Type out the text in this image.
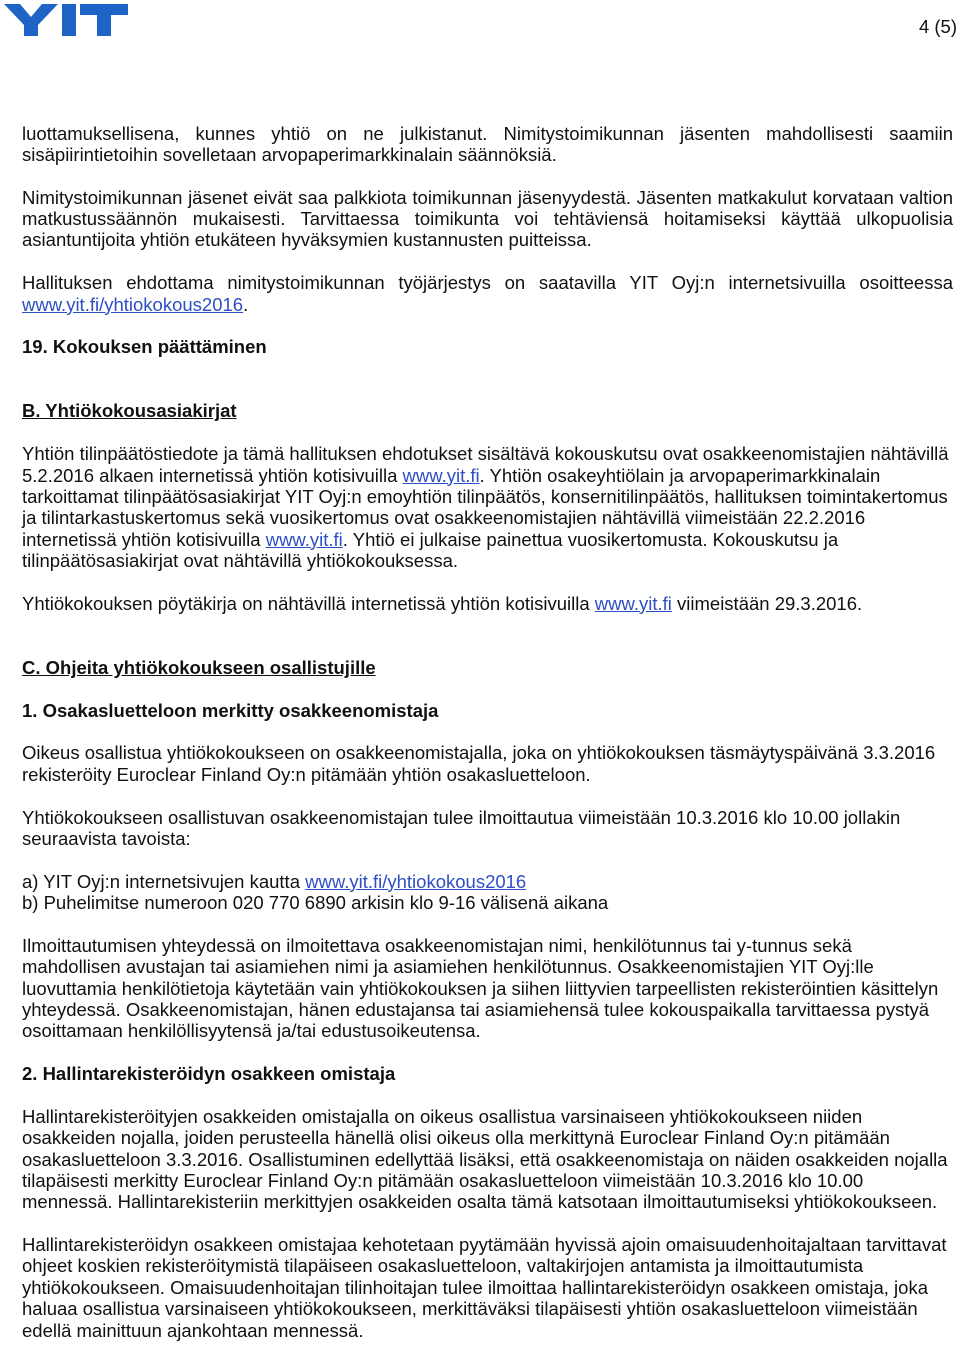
4 (5)
luottamuksellisena, kunnes yhtiö on ne julkistanut. Nimitystoimikunnan jäsenten mahdollisesti saamiin
sisäpiirintietoihin sovelletaan arvopaperimarkkinalain säännöksiä.
Nimitystoimikunnan jäsenet eivät saa palkkiota toimikunnan jäsenyydestä. Jäsenten matkakulut korvataan valtion
matkustussäännön mukaisesti. Tarvittaessa toimikunta voi tehtäviensä hoitamiseksi käyttää ulkopuolisia
asiantuntijoita yhtiön etukäteen hyväksymien kustannusten puitteissa.
Hallituksen ehdottama nimitystoimikunnan työjärjestys on saatavilla YIT Oyj:n internetsivuilla osoitteessa
www.yit.fi/yhtiokokous2016.
19. Kokouksen päättäminen
B. Yhtiökokousasiakirjat
Yhtiön tilinpäätöstiedote ja tämä hallituksen ehdotukset sisältävä kokouskutsu ovat osakkeenomistajien nähtävillä
5.2.2016 alkaen internetissä yhtiön kotisivuilla www.yit.fi. Yhtiön osakeyhtiölain ja arvopaperimarkkinalain
tarkoittamat tilinpäätösasiakirjat YIT Oyj:n emoyhtiön tilinpäätös, konsernitilinpäätös, hallituksen toimintakertomus
ja tilintarkastuskertomus sekä vuosikertomus ovat osakkeenomistajien nähtävillä viimeistään 22.2.2016
internetissä yhtiön kotisivuilla www.yit.fi. Yhtiö ei julkaise painettua vuosikertomusta. Kokouskutsu ja
tilinpäätösasiakirjat ovat nähtävillä yhtiökokouksessa.
Yhtiökokouksen pöytäkirja on nähtävillä internetissä yhtiön kotisivuilla www.yit.fi viimeistään 29.3.2016.
C. Ohjeita yhtiökokoukseen osallistujille
1. Osakasluetteloon merkitty osakkeenomistaja
Oikeus osallistua yhtiökokoukseen on osakkeenomistajalla, joka on yhtiökokouksen täsmäytyspäivänä 3.3.2016
rekisteröity Euroclear Finland Oy:n pitämään yhtiön osakasluetteloon.
Yhtiökokoukseen osallistuvan osakkeenomistajan tulee ilmoittautua viimeistään 10.3.2016 klo 10.00 jollakin
seuraavista tavoista:
a) YIT Oyj:n internetsivujen kautta www.yit.fi/yhtiokokous2016
b) Puhelimitse numeroon 020 770 6890 arkisin klo 9-16 välisenä aikana
Ilmoittautumisen yhteydessä on ilmoitettava osakkeenomistajan nimi, henkilötunnus tai y-tunnus sekä
mahdollisen avustajan tai asiamiehen nimi ja asiamiehen henkilötunnus. Osakkeenomistajien YIT Oyj:lle
luovuttamia henkilötietoja käytetään vain yhtiökokouksen ja siihen liittyvien tarpeellisten rekisteröintien käsittelyn
yhteydessä. Osakkeenomistajan, hänen edustajansa tai asiamiehensä tulee kokouspaikalla tarvittaessa pystyä
osoittamaan henkilöllisyytensä ja/tai edustusoikeutensa.
2. Hallintarekisteröidyn osakkeen omistaja
Hallintarekisteröityjen osakkeiden omistajalla on oikeus osallistua varsinaiseen yhtiökokoukseen niiden
osakkeiden nojalla, joiden perusteella hänellä olisi oikeus olla merkittynä Euroclear Finland Oy:n pitämään
osakasluetteloon 3.3.2016. Osallistuminen edellyttää lisäksi, että osakkeenomistaja on näiden osakkeiden nojalla
tilapäisesti merkitty Euroclear Finland Oy:n pitämään osakasluetteloon viimeistään 10.3.2016 klo 10.00
mennessä. Hallintarekisteriin merkittyjen osakkeiden osalta tämä katsotaan ilmoittautumiseksi yhtiökokoukseen.
Hallintarekisteröidyn osakkeen omistajaa kehotetaan pyytämään hyvissä ajoin omaisuudenhoitajaltaan tarvittavat
ohjeet koskien rekisteröitymistä tilapäiseen osakasluetteloon, valtakirjojen antamista ja ilmoittautumista
yhtiökokoukseen. Omaisuudenhoitajan tilinhoitajan tulee ilmoittaa hallintarekisteröidyn osakkeen omistaja, joka
haluaa osallistua varsinaiseen yhtiökokoukseen, merkittäväksi tilapäisesti yhtiön osakasluetteloon viimeistään
edellä mainittuun ajankohtaan mennessä.
